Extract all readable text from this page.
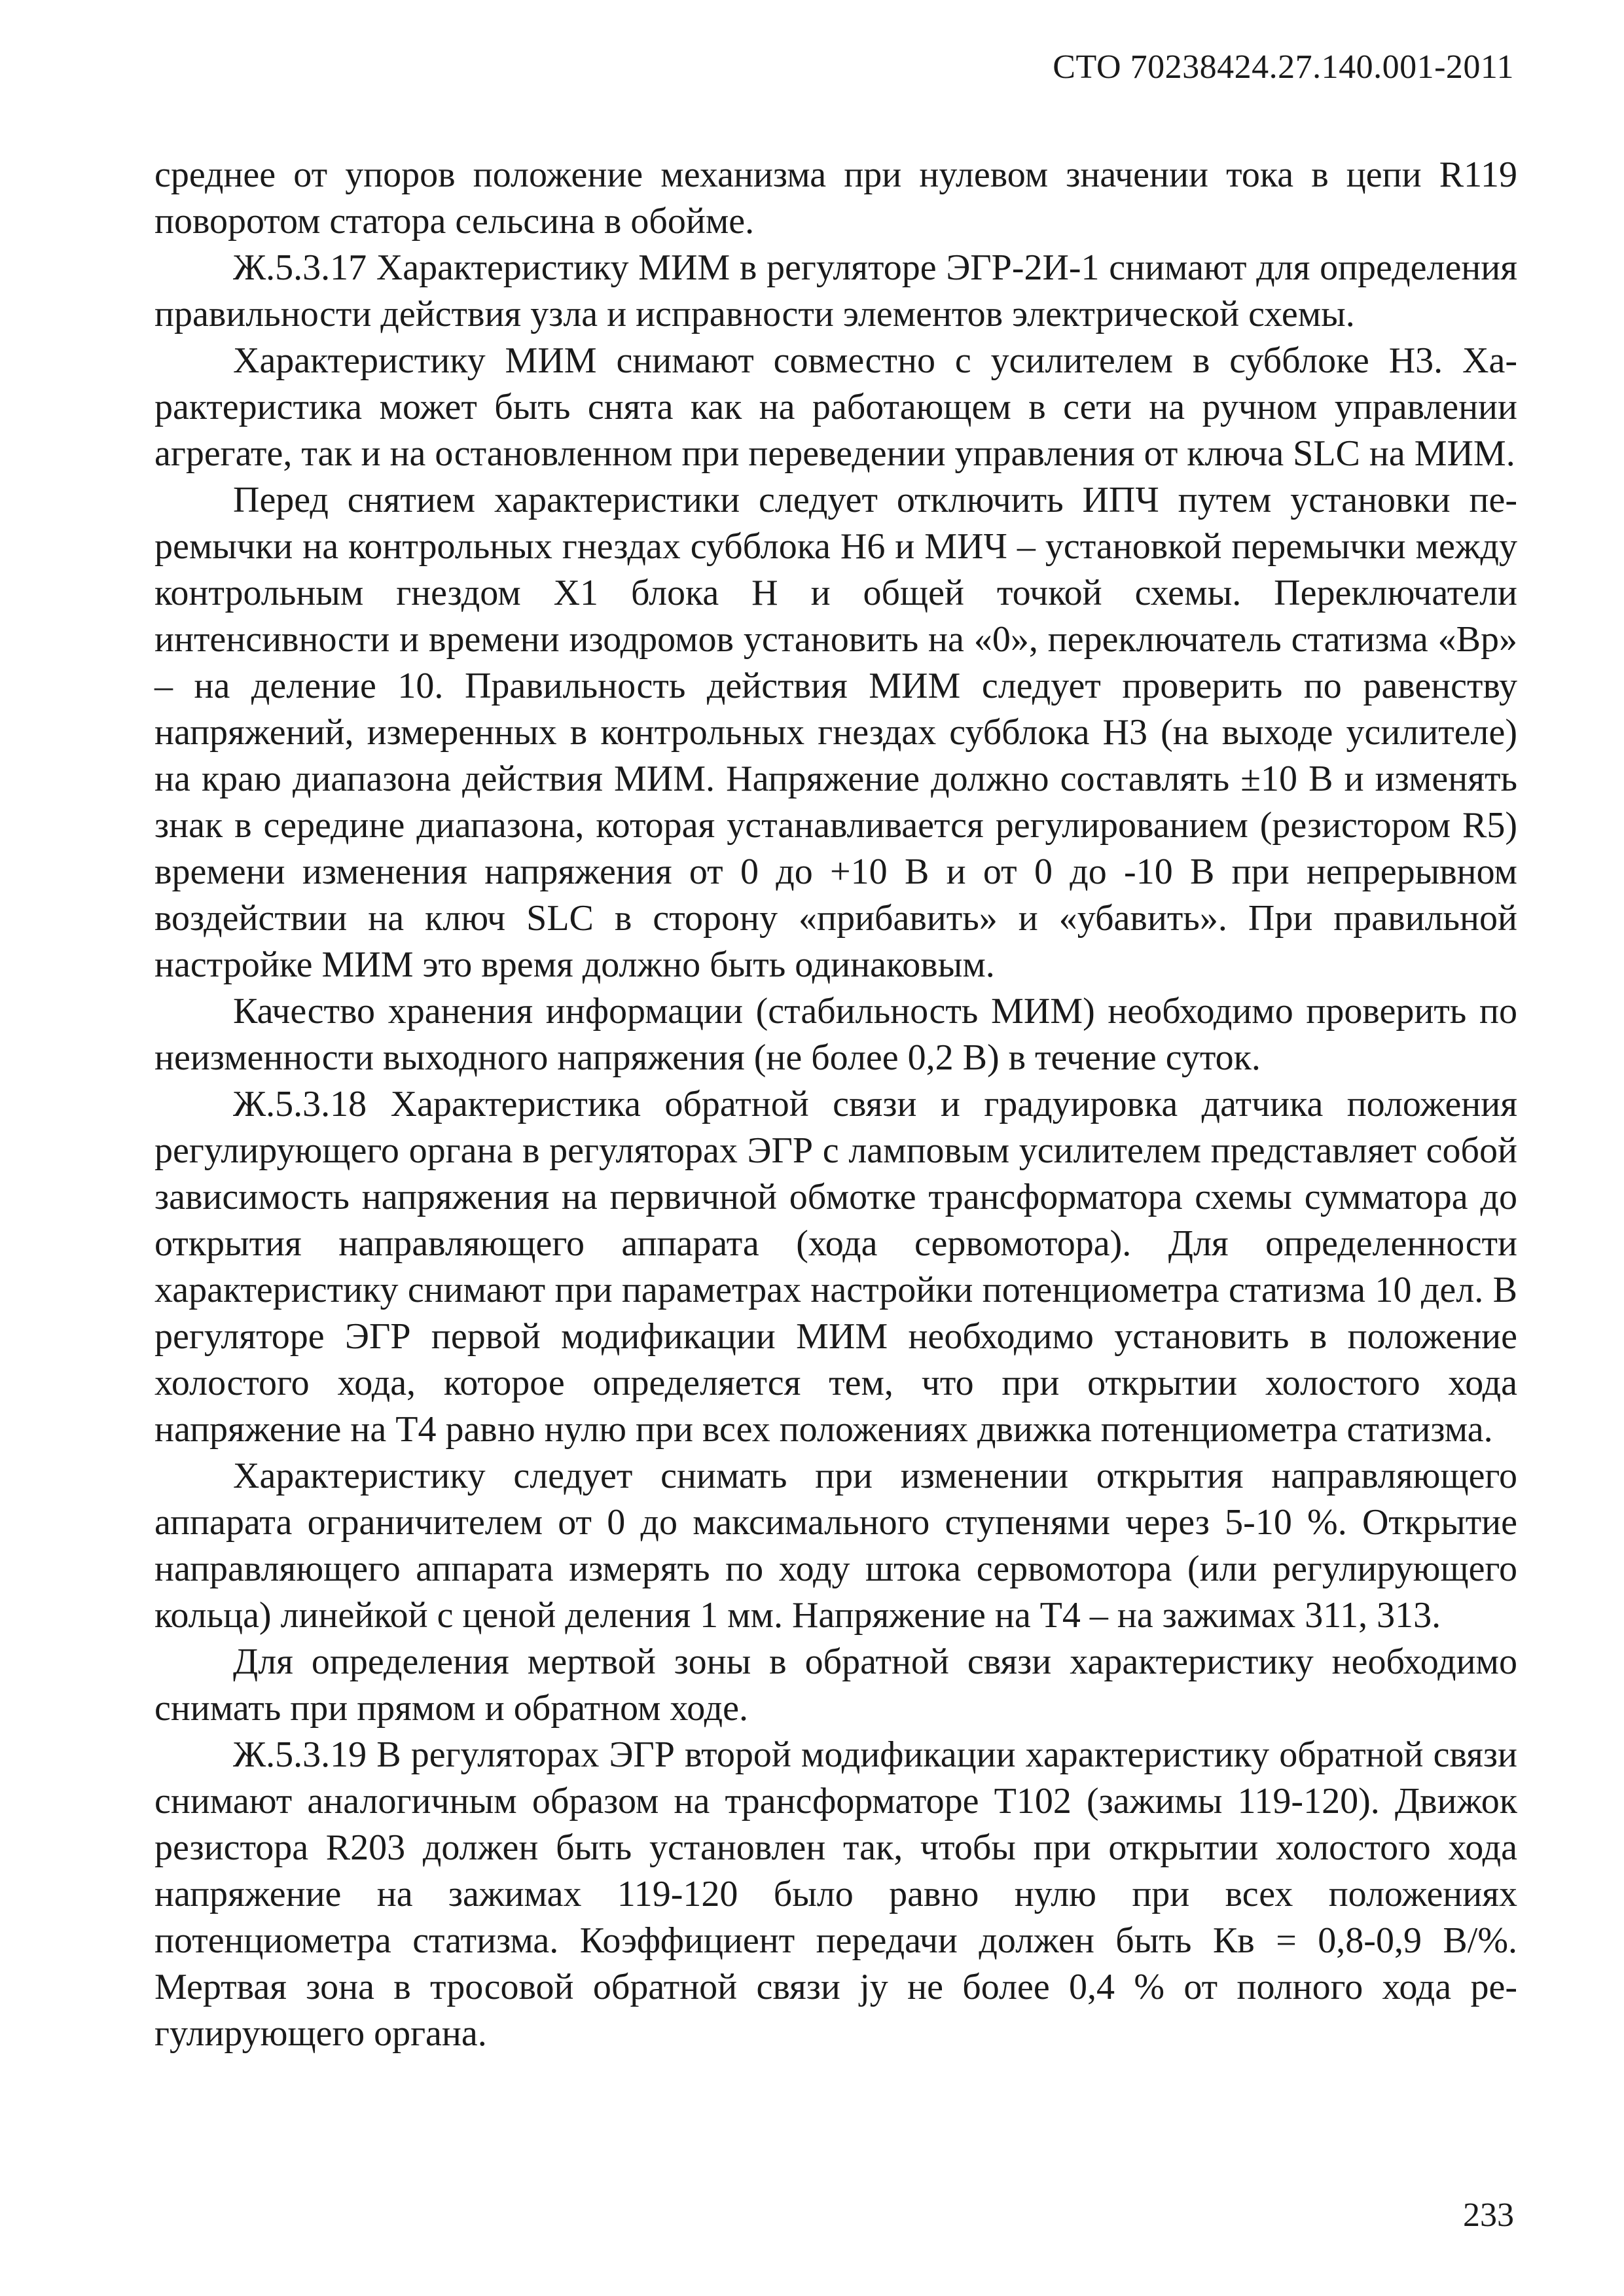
СТО 70238424.27.140.001-2011

среднее от упоров положение механизма при нулевом значении тока в цепи R119 поворотом статора сельсина в обойме.

Ж.5.3.17 Характеристику МИМ в регуляторе ЭГР-2И-1 снимают для определения правильности действия узла и исправности элементов электрической схемы.

Характеристику МИМ снимают совместно с усилителем в субблоке Н3. Характеристика может быть снята как на работающем в сети на ручном управлении агрегате, так и на остановленном при переведении управления от ключа SLC на МИМ.

Перед снятием характеристики следует отключить ИПЧ путем установки перемычки на контрольных гнездах субблока Н6 и МИЧ – установкой перемычки между контрольным гнездом Х1 блока Н и общей точкой схемы. Переключатели интенсивности и времени изодромов установить на «0», переключатель статизма «Вр» – на деление 10. Правильность действия МИМ следует проверить по равенству напряжений, измеренных в контрольных гнездах субблока Н3 (на выходе усилителе) на краю диапазона действия МИМ. Напряжение должно составлять ±10 В и изменять знак в середине диапазона, которая устанавливается регулированием (резистором R5) времени изменения напряжения от 0 до +10 В и от 0 до -10 В при непрерывном воздействии на ключ SLC в сторону «прибавить» и «убавить». При правильной настройке МИМ это время должно быть одинаковым.

Качество хранения информации (стабильность МИМ) необходимо проверить по неизменности выходного напряжения (не более 0,2 В) в течение суток.

Ж.5.3.18 Характеристика обратной связи и градуировка датчика положения регулирующего органа в регуляторах ЭГР с ламповым усилителем представляет собой зависимость напряжения на первичной обмотке трансформатора схемы сумматора до открытия направляющего аппарата (хода сервомотора). Для определенности характеристику снимают при параметрах настройки потенциометра статизма 10 дел. В регуляторе ЭГР первой модификации МИМ необходимо установить в положение холостого хода, которое определяется тем, что при открытии холостого хода напряжение на Т4 равно нулю при всех положениях движка потенциометра статизма.

Характеристику следует снимать при изменении открытия направляющего аппарата ограничителем от 0 до максимального ступенями через 5-10 %. Открытие направляющего аппарата измерять по ходу штока сервомотора (или регулирующего кольца) линейкой с ценой деления 1 мм. Напряжение на Т4 – на зажимах 311, 313.

Для определения мертвой зоны в обратной связи характеристику необходимо снимать при прямом и обратном ходе.

Ж.5.3.19 В регуляторах ЭГР второй модификации характеристику обратной связи снимают аналогичным образом на трансформаторе Т102 (зажимы 119-120). Движок резистора R203 должен быть установлен так, чтобы при открытии холостого хода напряжение на зажимах 119-120 было равно нулю при всех положениях потенциометра статизма. Коэффициент передачи должен быть Кв = 0,8-0,9 В/%. Мертвая зона в тросовой обратной связи jу не более 0,4 % от полного хода регулирующего органа.

233
